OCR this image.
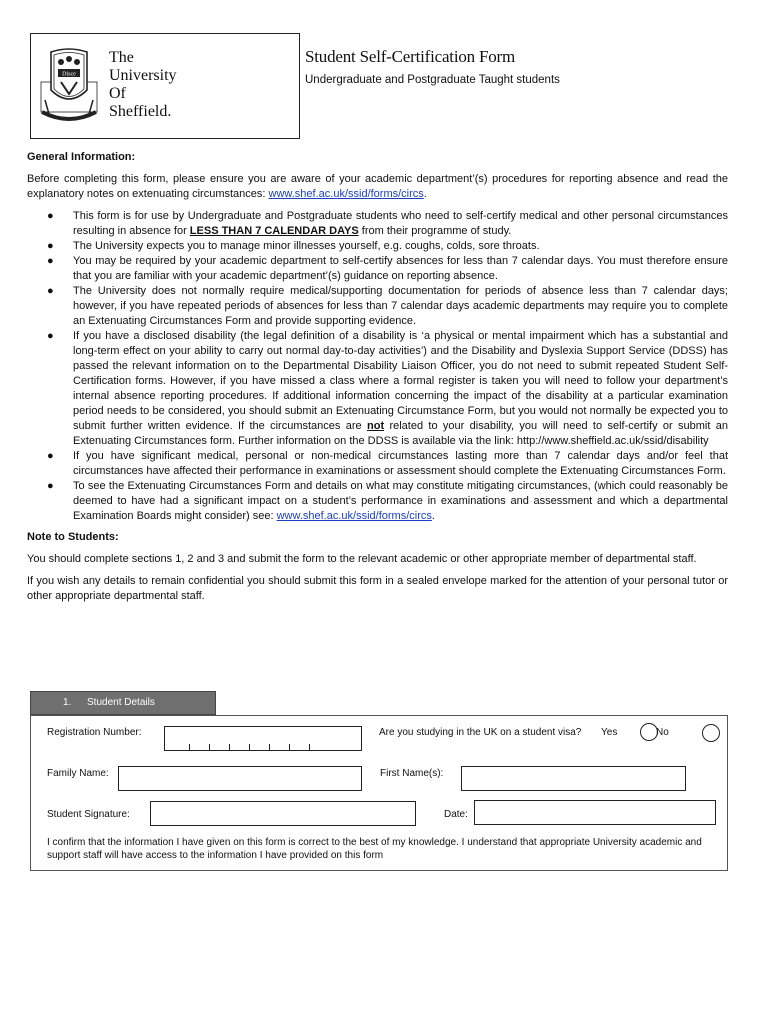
Disce
The
University
Of
Sheffield.
Student Self-Certification Form
Undergraduate and Postgraduate Taught students
General Information:

Before completing this form, please ensure you are aware of your academic department’(s) procedures for reporting absence and read the explanatory notes on extenuating circumstances: www.shef.ac.uk/ssid/forms/circs.

● This form is for use by Undergraduate and Postgraduate students who need to self-certify medical and other personal circumstances resulting in absence for LESS THAN 7 CALENDAR DAYS from their programme of study.
● The University expects you to manage minor illnesses yourself, e.g. coughs, colds, sore throats.
● You may be required by your academic department to self-certify absences for less than 7 calendar days. You must therefore ensure that you are familiar with your academic department’(s) guidance on reporting absence.
● The University does not normally require medical/supporting documentation for periods of absence less than 7 calendar days; however, if you have repeated periods of absences for less than 7 calendar days academic departments may require you to complete an Extenuating Circumstances Form and provide supporting evidence.
● If you have a disclosed disability (the legal definition of a disability is ‘a physical or mental impairment which has a substantial and long-term effect on your ability to carry out normal day-to-day activities’) and the Disability and Dyslexia Support Service (DDSS) has passed the relevant information on to the Departmental Disability Liaison Officer, you do not need to submit repeated Student Self-Certification forms. However, if you have missed a class where a formal register is taken you will need to follow your department’s internal absence reporting procedures. If additional information concerning the impact of the disability at a particular examination period needs to be considered, you should submit an Extenuating Circumstance Form, but you would not normally be expected you to submit further written evidence. If the circumstances are not related to your disability, you will need to self-certify or submit an Extenuating Circumstances form. Further information on the DDSS is available via the link: http://www.sheffield.ac.uk/ssid/disability
● If you have significant medical, personal or non-medical circumstances lasting more than 7 calendar days and/or feel that circumstances have affected their performance in examinations or assessment should complete the Extenuating Circumstances Form.
● To see the Extenuating Circumstances Form and details on what may constitute mitigating circumstances, (which could reasonably be deemed to have had a significant impact on a student’s performance in examinations and assessment and which a departmental Examination Boards might consider) see: www.shef.ac.uk/ssid/forms/circs.
Note to Students:

You should complete sections 1, 2 and 3 and submit the form to the relevant academic or other appropriate member of departmental staff.

If you wish any details to remain confidential you should submit this form in a sealed envelope marked for the attention of your personal tutor or other appropriate departmental staff.

1. Student Details
Registration Number:	Are you studying in the UK on a student visa? Yes	No
Family Name:	First Name(s):
Student Signature:	Date:
I confirm that the information I have given on this form is correct to the best of my knowledge. I understand that appropriate University academic and support staff will have access to the information I have provided on this form
